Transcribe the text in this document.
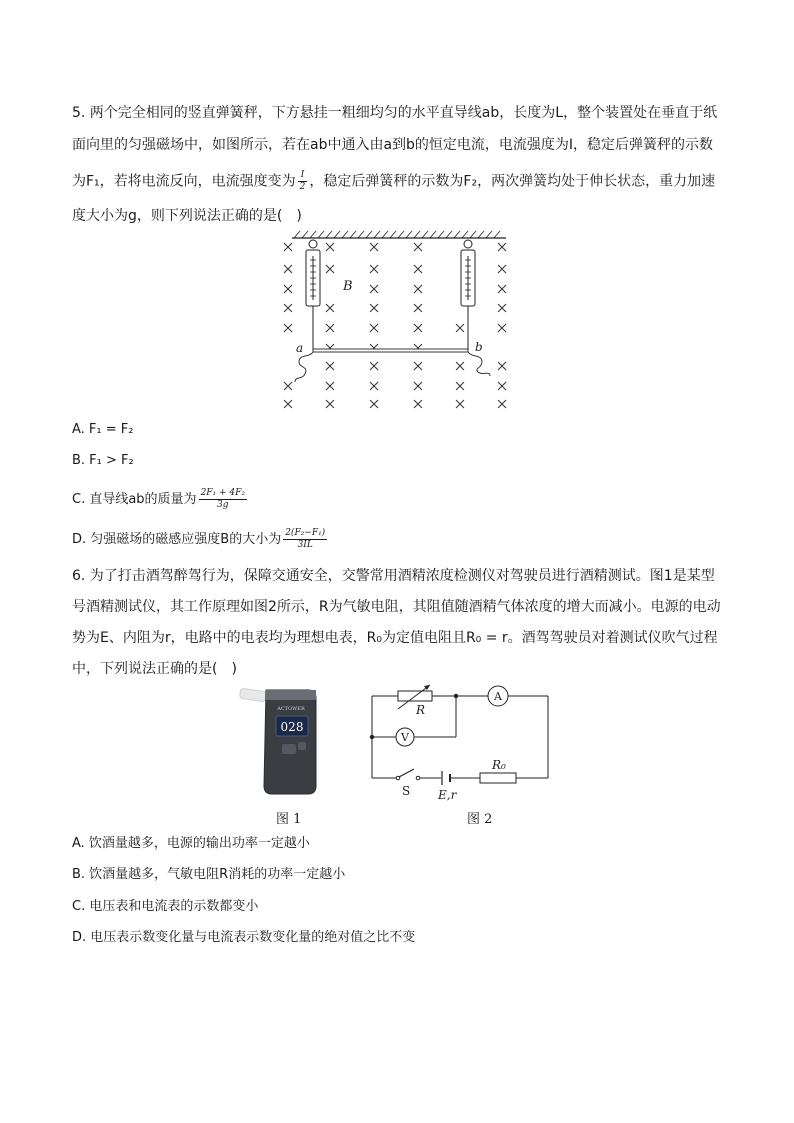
5. 两个完全相同的竖直弹簧秤，下方悬挂一粗细均匀的水平直导线ab，长度为L，整个装置处在垂直于纸
面向里的匀强磁场中，如图所示，若在ab中通入由a到b的恒定电流，电流强度为I，稳定后弹簧秤的示数
为F₁，若将电流反向，电流强度变为 $\frac{I}{2}$ ，稳定后弹簧秤的示数为F₂，两次弹簧均处于伸长状态，重力加速
度大小为g，则下列说法正确的是(　)
B
a	b
A. F₁ = F₂
B. F₁ > F₂
C. 直导线ab的质量为 $\frac{\text{2F₁ + 4F₂}}{3g}$
D. 匀强磁场的磁感应强度B的大小为 $\frac{\text{2(F₂−F₁)}}{3IL}$
6. 为了打击酒驾醉驾行为，保障交通安全，交警常用酒精浓度检测仪对驾驶员进行酒精测试。图1是某型
号酒精测试仪，其工作原理如图2所示，R为气敏电阻，其阻值随酒精气体浓度的增大而减小。电源的电动
势为E、内阻为r，电路中的电表均为理想电表，R₀为定值电阻且R₀ = r。酒驾驾驶员对着测试仪吹气过程
中，下列说法正确的是(　)
ACTOWER
028
图 1
R
A
V
R₀
S E,r
图 2
A. 饮酒量越多，电源的输出功率一定越小
B. 饮酒量越多，气敏电阻R消耗的功率一定越小
C. 电压表和电流表的示数都变小
D. 电压表示数变化量与电流表示数变化量的绝对值之比不变
